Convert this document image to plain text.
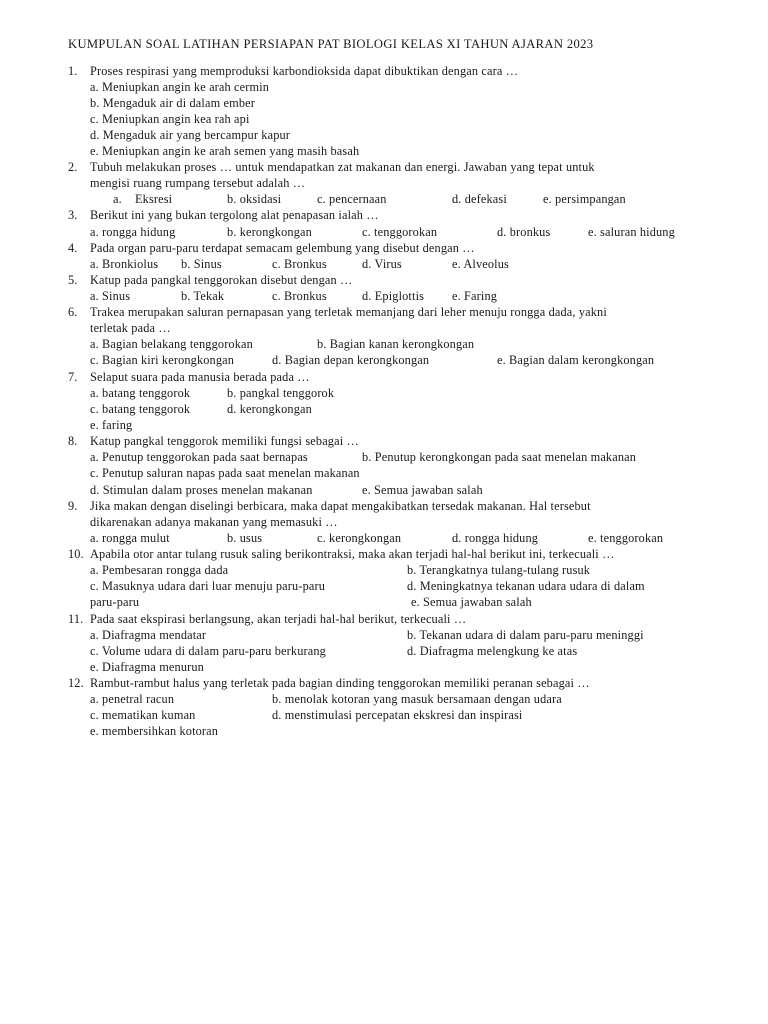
KUMPULAN SOAL LATIHAN PERSIAPAN PAT BIOLOGI KELAS XI TAHUN AJARAN 2023
1. Proses respirasi yang memproduksi karbondioksida dapat dibuktikan dengan cara …
a. Meniupkan angin ke arah cermin
b. Mengaduk air di dalam ember
c. Meniupkan angin kea rah api
d. Mengaduk air yang bercampur kapur
e. Meniupkan angin ke arah semen yang masih basah
2. Tubuh melakukan proses … untuk mendapatkan zat makanan dan energi. Jawaban yang tepat untuk
mengisi ruang rumpang tersebut adalah …
a. Eksresi	b. oksidasi	c. pencernaan	d. defekasi	e. persimpangan
3. Berikut ini yang bukan tergolong alat penapasan ialah …
a. rongga hidung	b. kerongkongan	c. tenggorokan	d. bronkus	e. saluran hidung
4. Pada organ paru-paru terdapat semacam gelembung yang disebut dengan …
a. Bronkiolus b. Sinus	c. Bronkus	d. Virus	e. Alveolus
5. Katup pada pangkal tenggorokan disebut dengan …
a. Sinus	b. Tekak	c. Bronkus	d. Epiglottis e. Faring
6. Trakea merupakan saluran pernapasan yang terletak memanjang dari leher menuju rongga dada, yakni
terletak pada …
a. Bagian belakang tenggorokan	b. Bagian kanan kerongkongan
c. Bagian kiri kerongkongan	d. Bagian depan kerongkongan	e. Bagian dalam kerongkongan
7. Selaput suara pada manusia berada pada …
a. batang tenggorok	b. pangkal tenggorok
c. batang tenggorok	d. kerongkongan
e. faring
8. Katup pangkal tenggorok memiliki fungsi sebagai …
a. Penutup tenggorokan pada saat bernapas	b. Penutup kerongkongan pada saat menelan makanan
c. Penutup saluran napas pada saat menelan makanan
d. Stimulan dalam proses menelan makanan	e. Semua jawaban salah
9. Jika makan dengan diselingi berbicara, maka dapat mengakibatkan tersedak makanan. Hal tersebut
dikarenakan adanya makanan yang memasuki …
a. rongga mulut	b. usus	c. kerongkongan	d. rongga hidung	e. tenggorokan
10. Apabila otor antar tulang rusuk saling berikontraksi, maka akan terjadi hal-hal berikut ini, terkecuali …
a. Pembesaran rongga dada	b. Terangkatnya tulang-tulang rusuk
c. Masuknya udara dari luar menuju paru-paru	d. Meningkatnya tekanan udara udara di dalam
paru-paru	e. Semua jawaban salah
11. Pada saat ekspirasi berlangsung, akan terjadi hal-hal berikut, terkecuali …
a. Diafragma mendatar	b. Tekanan udara di dalam paru-paru meninggi
c. Volume udara di dalam paru-paru berkurang	d. Diafragma melengkung ke atas
e. Diafragma menurun
12. Rambut-rambut halus yang terletak pada bagian dinding tenggorokan memiliki peranan sebagai …
a. penetral racun	b. menolak kotoran yang masuk bersamaan dengan udara
c. mematikan kuman	d. menstimulasi percepatan ekskresi dan inspirasi
e. membersihkan kotoran
